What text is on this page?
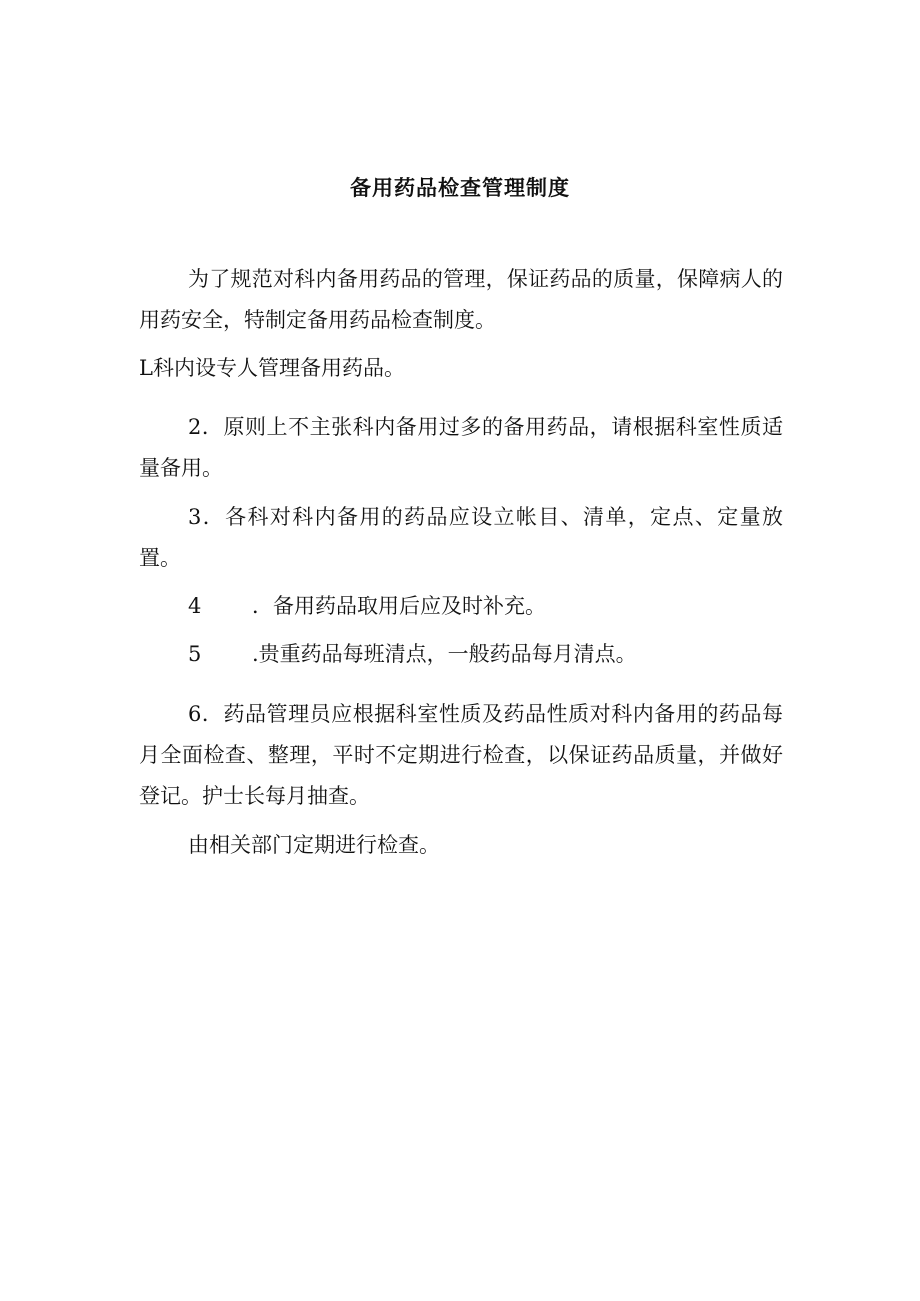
备用药品检查管理制度

为了规范对科内备用药品的管理，保证药品的质量，保障病人的用药安全，特制定备用药品检查制度。

L科内设专人管理备用药品。

2．原则上不主张科内备用过多的备用药品，请根据科室性质适量备用。

3．各科对科内备用的药品应设立帐目、清单，定点、定量放置。

4 ．备用药品取用后应及时补充。

5 .贵重药品每班清点，一般药品每月清点。

6．药品管理员应根据科室性质及药品性质对科内备用的药品每月全面检查、整理，平时不定期进行检查，以保证药品质量，并做好登记。护士长每月抽查。

由相关部门定期进行检查。
